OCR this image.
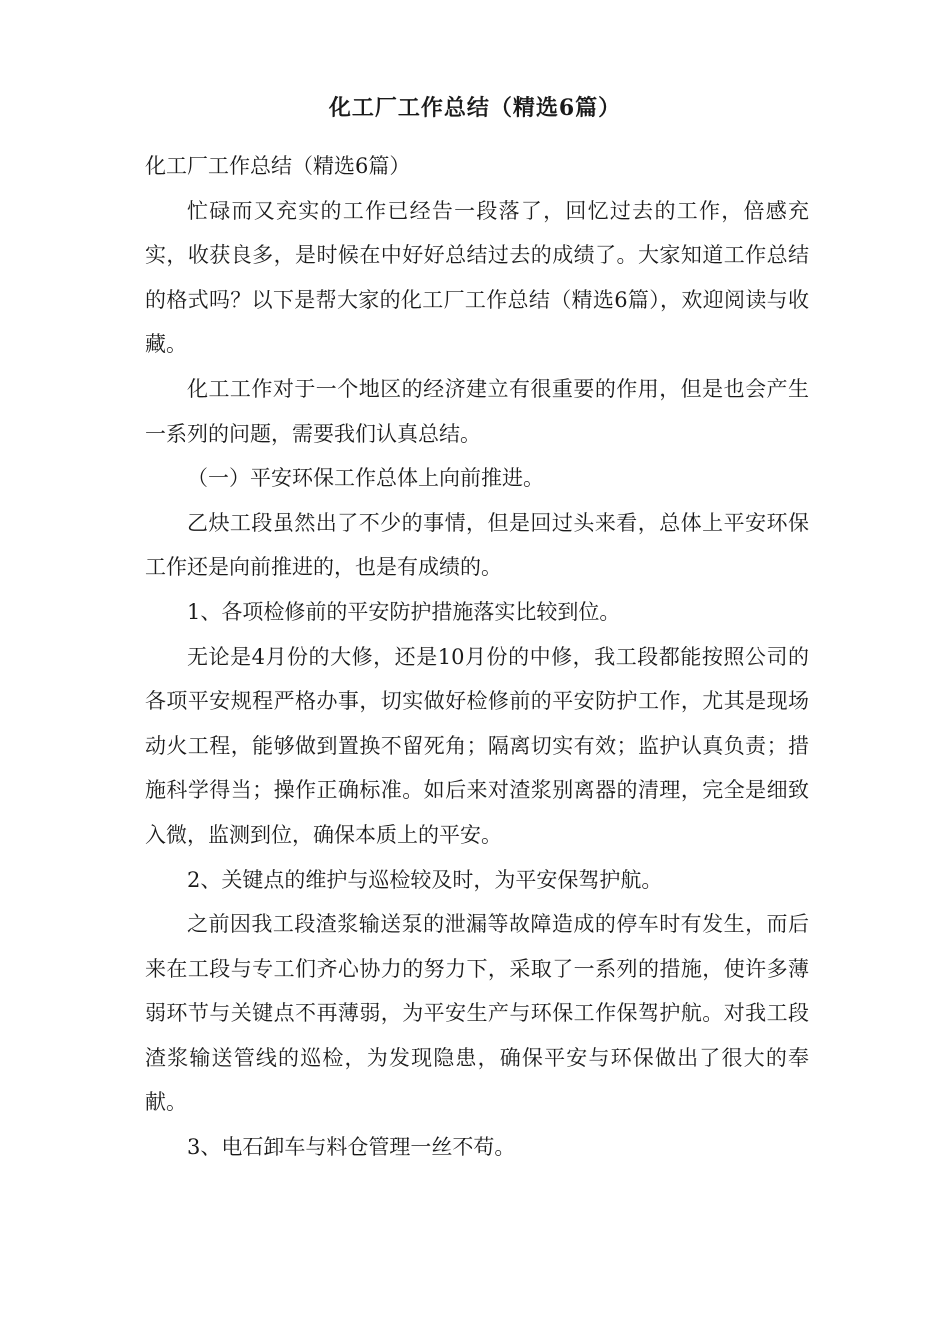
化工厂工作总结（精选6篇）

化工厂工作总结（精选6篇）

忙碌而又充实的工作已经告一段落了，回忆过去的工作，倍感充实，收获良多，是时候在中好好总结过去的成绩了。大家知道工作总结的格式吗？以下是帮大家的化工厂工作总结（精选6篇），欢迎阅读与收藏。

化工工作对于一个地区的经济建立有很重要的作用，但是也会产生一系列的问题，需要我们认真总结。

（一）平安环保工作总体上向前推进。

乙炔工段虽然出了不少的事情，但是回过头来看，总体上平安环保工作还是向前推进的，也是有成绩的。

1、各项检修前的平安防护措施落实比较到位。

无论是4月份的大修，还是10月份的中修，我工段都能按照公司的各项平安规程严格办事，切实做好检修前的平安防护工作，尤其是现场动火工程，能够做到置换不留死角；隔离切实有效；监护认真负责；措施科学得当；操作正确标准。如后来对渣浆别离器的清理，完全是细致入微，监测到位，确保本质上的平安。

2、关键点的维护与巡检较及时，为平安保驾护航。

之前因我工段渣浆输送泵的泄漏等故障造成的停车时有发生，而后来在工段与专工们齐心协力的努力下，采取了一系列的措施，使许多薄弱环节与关键点不再薄弱，为平安生产与环保工作保驾护航。对我工段渣浆输送管线的巡检，为发现隐患，确保平安与环保做出了很大的奉献。

3、电石卸车与料仓管理一丝不苟。
